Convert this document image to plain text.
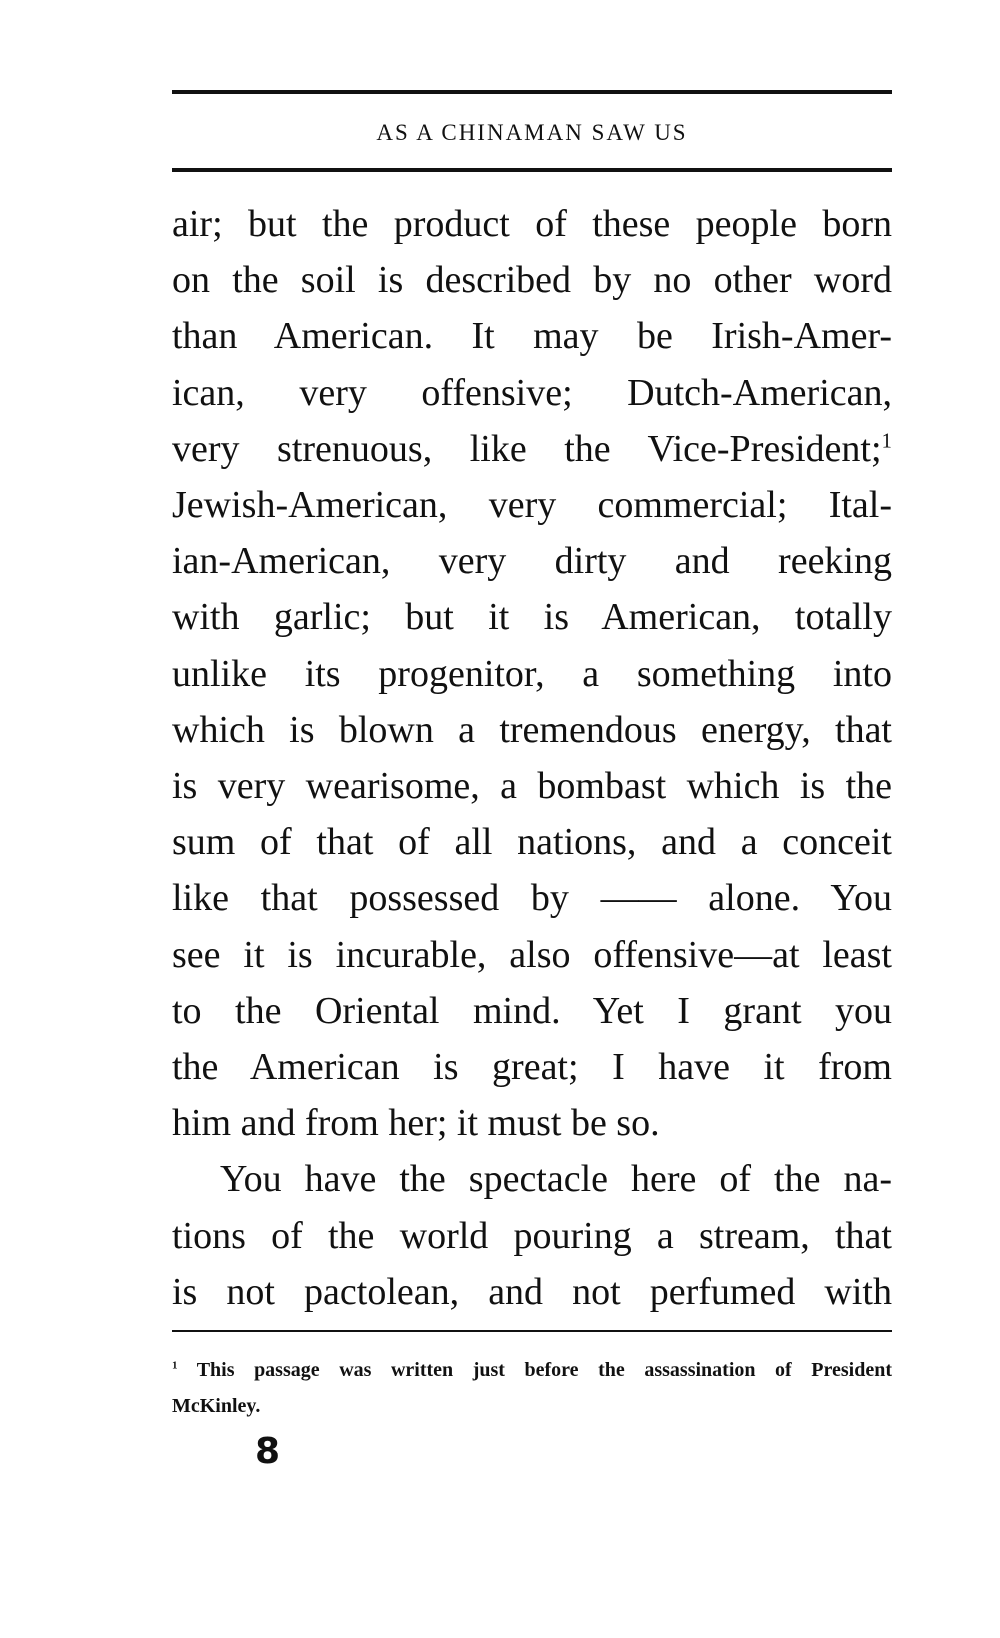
AS A CHINAMAN SAW US
air; but the product of these people born
on the soil is described by no other word
than American. It may be Irish-Amer-
ican, very offensive; Dutch-American,
very strenuous, like the Vice-President;$^1$
Jewish-American, very commercial; Ital-
ian-American, very dirty and reeking
with garlic; but it is American, totally
unlike its progenitor, a something into
which is blown a tremendous energy, that
is very wearisome, a bombast which is the
sum of that of all nations, and a conceit
like that possessed by —— alone. You
see it is incurable, also offensive—at least
to the Oriental mind. Yet I grant you
the American is great; I have it from
him and from her; it must be so.
You have the spectacle here of the na-
tions of the world pouring a stream, that
is not pactolean, and not perfumed with
$^1$ This passage was written just before the assassination of President
McKinley.
8
